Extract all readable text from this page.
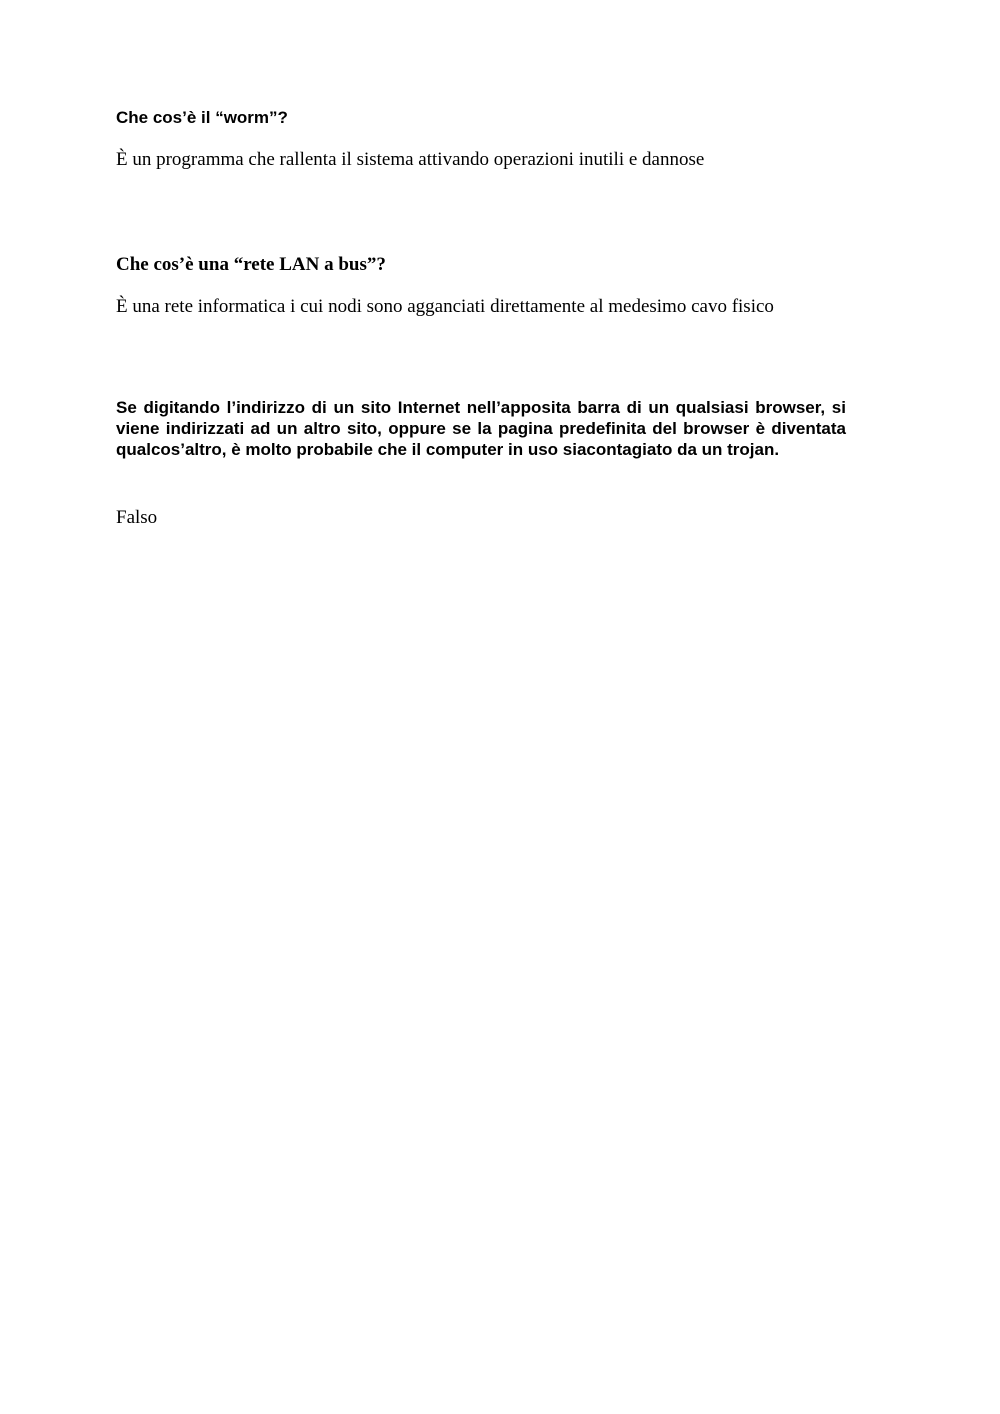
Che cos’è il “worm”?
È un programma che rallenta il sistema attivando operazioni inutili e dannose
Che cos’è una “rete LAN a bus”?
È una rete informatica i cui nodi sono agganciati direttamente al medesimo cavo fisico
Se digitando l’indirizzo di un sito Internet nell’apposita barra di un qualsiasi browser, si viene indirizzati ad un altro sito, oppure se la pagina predefinita del browser è diventata qualcos’altro, è molto probabile che il computer in uso siacontagiato da un trojan.
Falso
